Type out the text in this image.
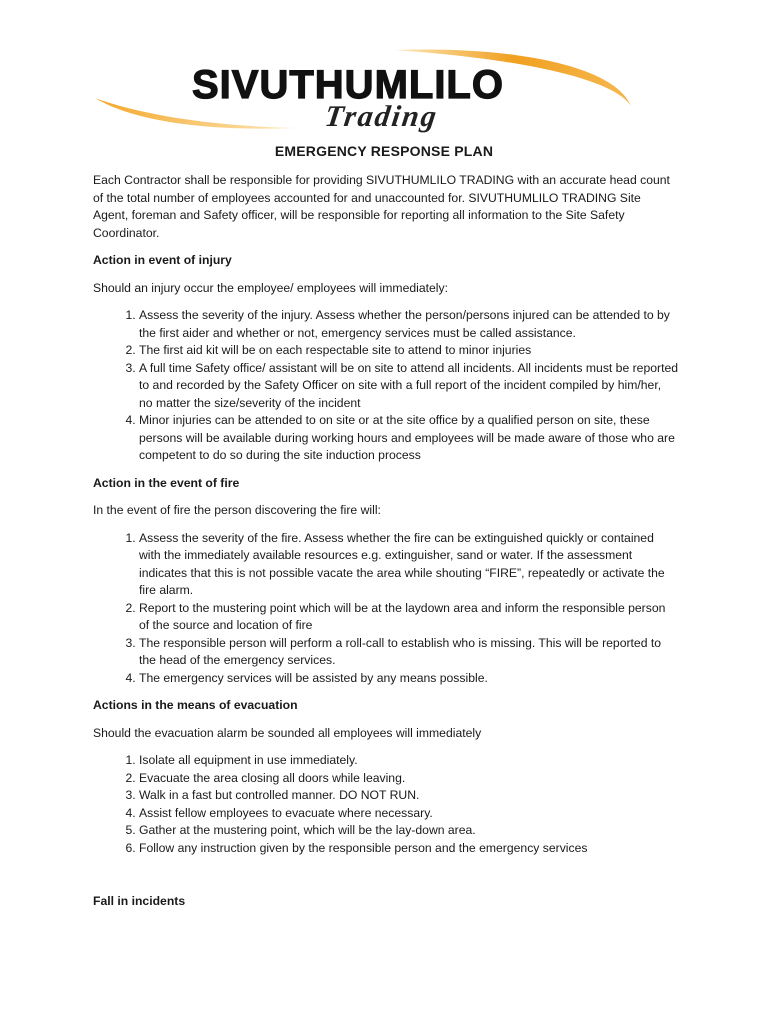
SIVUTHUMLILO
Trading
EMERGENCY RESPONSE PLAN

Each Contractor shall be responsible for providing SIVUTHUMLILO TRADING with an accurate head count of the total number of employees accounted for and unaccounted for. SIVUTHUMLILO TRADING Site Agent, foreman and Safety officer, will be responsible for reporting all information to the Site Safety Coordinator.

Action in event of injury

Should an injury occur the employee/ employees will immediately:

1. Assess the severity of the injury. Assess whether the person/persons injured can be attended to by the first aider and whether or not, emergency services must be called assistance.
2. The first aid kit will be on each respectable site to attend to minor injuries
3. A full time Safety office/ assistant will be on site to attend all incidents. All incidents must be reported to and recorded by the Safety Officer on site with a full report of the incident compiled by him/her, no matter the size/severity of the incident
4. Minor injuries can be attended to on site or at the site office by a qualified person on site, these persons will be available during working hours and employees will be made aware of those who are competent to do so during the site induction process

Action in the event of fire

In the event of fire the person discovering the fire will:

1. Assess the severity of the fire. Assess whether the fire can be extinguished quickly or contained with the immediately available resources e.g. extinguisher, sand or water. If the assessment indicates that this is not possible vacate the area while shouting “FIRE”, repeatedly or activate the fire alarm.
2. Report to the mustering point which will be at the laydown area and inform the responsible person of the source and location of fire
3. The responsible person will perform a roll-call to establish who is missing. This will be reported to the head of the emergency services.
4. The emergency services will be assisted by any means possible.

Actions in the means of evacuation

Should the evacuation alarm be sounded all employees will immediately

1. Isolate all equipment in use immediately.
2. Evacuate the area closing all doors while leaving.
3. Walk in a fast but controlled manner. DO NOT RUN.
4. Assist fellow employees to evacuate where necessary.
5. Gather at the mustering point, which will be the lay-down area.
6. Follow any instruction given by the responsible person and the emergency services

Fall in incidents
